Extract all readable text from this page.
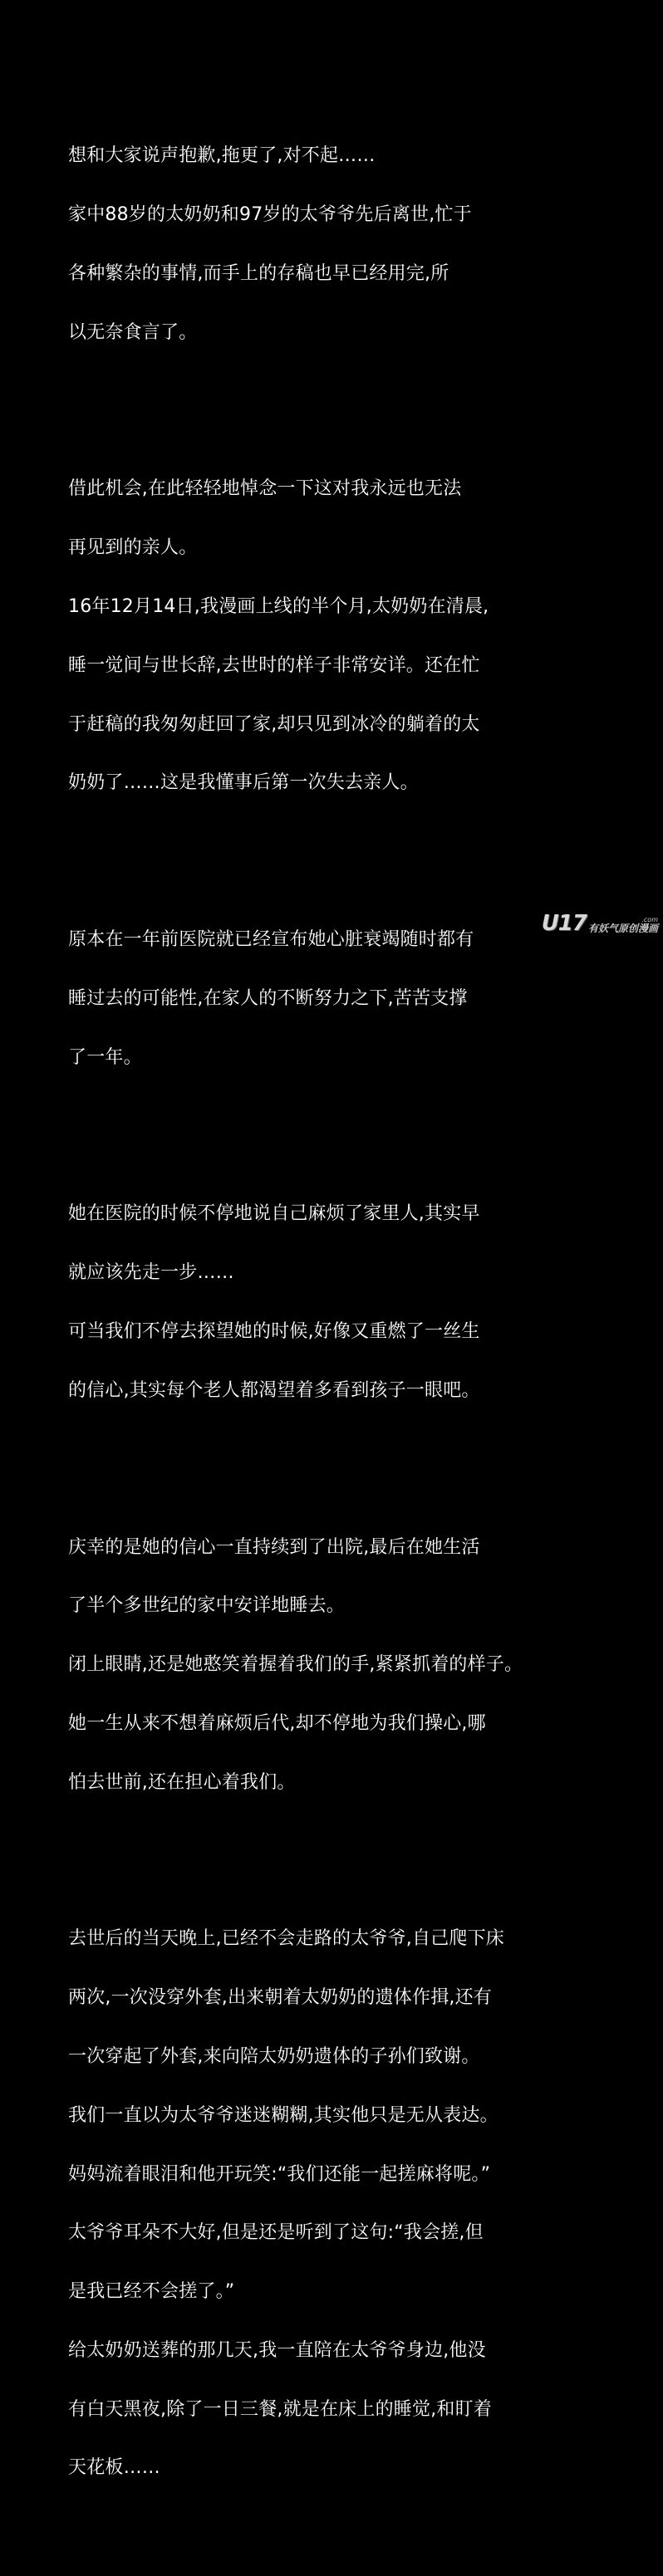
想和大家说声抱歉,拖更了,对不起……

家中88岁的太奶奶和97岁的太爷爷先后离世,忙于

各种繁杂的事情,而手上的存稿也早已经用完,所

以无奈食言了。

借此机会,在此轻轻地悼念一下这对我永远也无法

再见到的亲人。

16年12月14日,我漫画上线的半个月,太奶奶在清晨,

睡一觉间与世长辞,去世时的样子非常安详。还在忙

于赶稿的我匆匆赶回了家,却只见到冰冷的躺着的太

奶奶了……这是我懂事后第一次失去亲人。

原本在一年前医院就已经宣布她心脏衰竭随时都有

睡过去的可能性,在家人的不断努力之下,苦苦支撑

了一年。

她在医院的时候不停地说自己麻烦了家里人,其实早

就应该先走一步……

可当我们不停去探望她的时候,好像又重燃了一丝生

的信心,其实每个老人都渴望着多看到孩子一眼吧。

庆幸的是她的信心一直持续到了出院,最后在她生活

了半个多世纪的家中安详地睡去。

闭上眼睛,还是她憨笑着握着我们的手,紧紧抓着的样子。

她一生从来不想着麻烦后代,却不停地为我们操心,哪

怕去世前,还在担心着我们。

去世后的当天晚上,已经不会走路的太爷爷,自己爬下床

两次,一次没穿外套,出来朝着太奶奶的遗体作揖,还有

一次穿起了外套,来向陪太奶奶遗体的子孙们致谢。

我们一直以为太爷爷迷迷糊糊,其实他只是无从表达。

妈妈流着眼泪和他开玩笑:“我们还能一起搓麻将呢。”

太爷爷耳朵不大好,但是还是听到了这句:“我会搓,但

是我已经不会搓了。”

给太奶奶送葬的那几天,我一直陪在太爷爷身边,他没

有白天黑夜,除了一日三餐,就是在床上的睡觉,和盯着

天花板……

U17	.com
有妖气原创漫画
